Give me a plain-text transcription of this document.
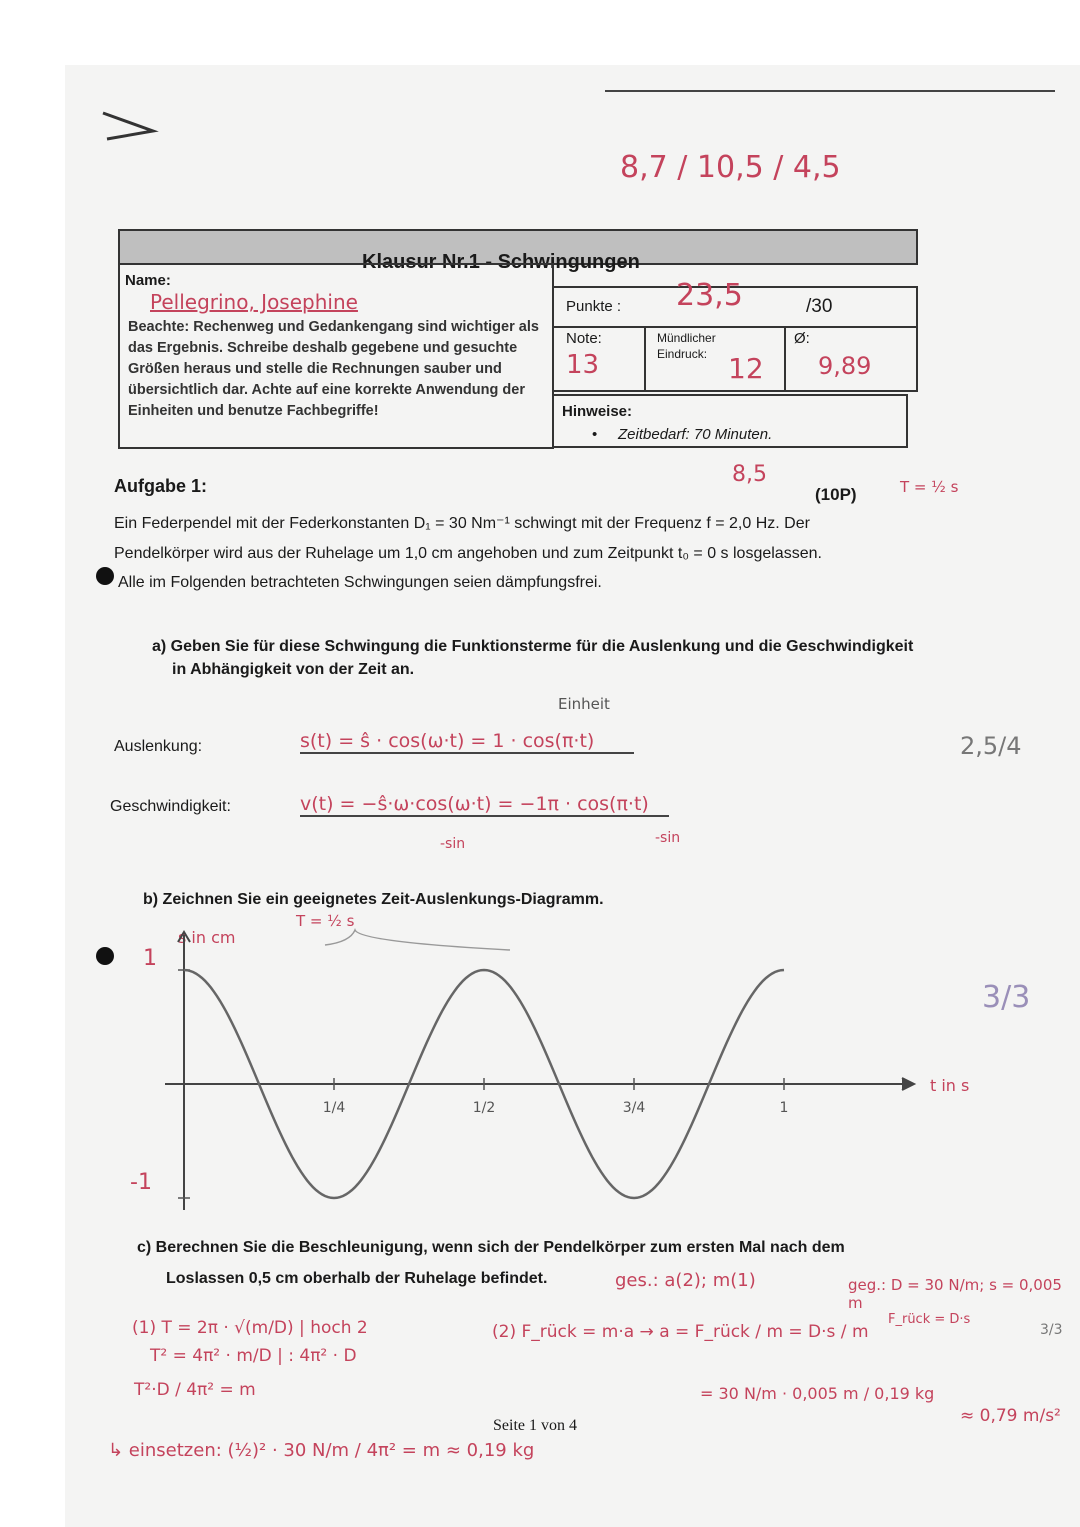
8,7 / 10,5 / 4,5
Klausur Nr.1 - Schwingungen
Name:
Pellegrino, Josephine
Beachte: Rechenweg und Gedankengang sind wichtiger als das Ergebnis. Schreibe deshalb gegebene und gesuchte Größen heraus und stelle die Rechnungen sauber und übersichtlich dar. Achte auf eine korrekte Anwendung der Einheiten und benutze Fachbegriffe!
Punkte : 23,5	/30
Note:
13
Mündlicher Eindruck: 12
Ø:
9,89
Hinweise:
• Zeitbedarf: 70 Minuten.
Aufgabe 1:	8,5
(10P)	T = ½ s
Ein Federpendel mit der Federkonstanten D₁ = 30 Nm⁻¹ schwingt mit der Frequenz f = 2,0 Hz. Der
Pendelkörper wird aus der Ruhelage um 1,0 cm angehoben und zum Zeitpunkt t₀ = 0 s losgelassen.
Alle im Folgenden betrachteten Schwingungen seien dämpfungsfrei.
a) Geben Sie für diese Schwingung die Funktionsterme für die Auslenkung und die Geschwindigkeit
in Abhängigkeit von der Zeit an.
Einheit
Auslenkung:	s(t) = ŝ · cos(ω·t) = 1 · cos(π·t)
Geschwindigkeit:	v(t) = −ŝ·ω·cos(ω·t) = −1π · cos(π·t)
-sin	-sin
2,5/4
b) Zeichnen Sie ein geeignetes Zeit-Auslenkungs-Diagramm.
T = ½ s
s in cm
t in s
1
-1
3/3
1/4	1/2	3/4	1
c) Berechnen Sie die Beschleunigung, wenn sich der Pendelkörper zum ersten Mal nach dem
Loslassen 0,5 cm oberhalb der Ruhelage befindet.	ges.: a(2); m(1)	geg.: D = 30 N/m; s = 0,005 m
F_rück = D·s
(1) T = 2π · √(m/D) | hoch 2
T² = 4π² · m/D | : 4π² · D
T²·D / 4π² = m
↳ einsetzen: (½)² · 30 N/m / 4π² = m ≈ 0,19 kg
(2) F_rück = m·a → a = F_rück / m = D·s / m
= 30 N/m · 0,005 m / 0,19 kg
≈ 0,79 m/s²
3/3
Seite 1 von 4
